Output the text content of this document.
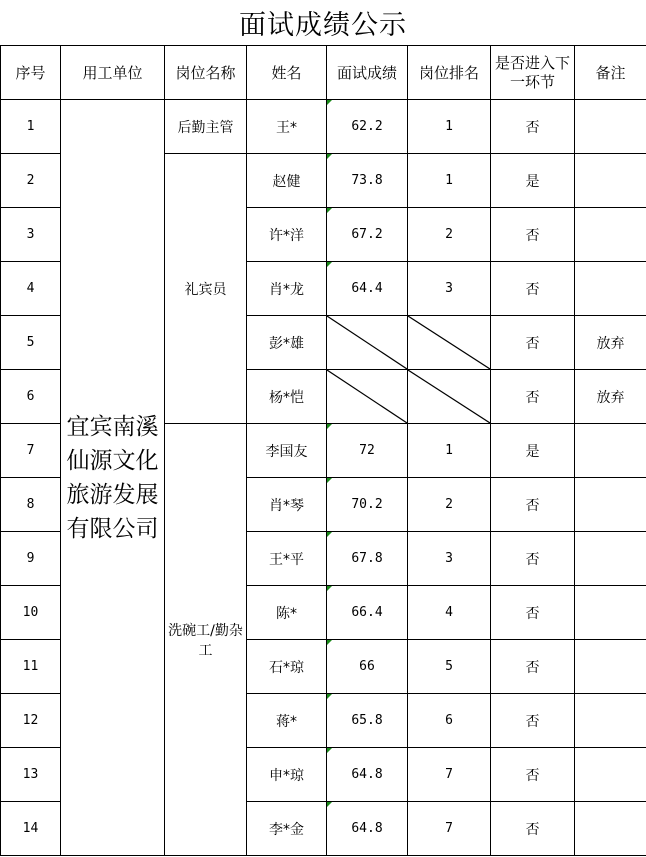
面试成绩公示
序号	用工单位	岗位名称	姓名	面试成绩	岗位排名	是否进入下一环节	备注
1	宜宾南溪仙源文化旅游发展有限公司	后勤主管	王*	62.2	1	否	
2		礼宾员	赵健	73.8	1	是	
3			许*洋	67.2	2	否	
4			肖*龙	64.4	3	否	
5			彭*雄			否	放弃
6			杨*恺			否	放弃
7		洗碗工/勤杂工	李国友	72	1	是	
8			肖*琴	70.2	2	否	
9			王*平	67.8	3	否	
10			陈*	66.4	4	否	
11			石*琼	66	5	否	
12			蒋*	65.8	6	否	
13			申*琼	64.8	7	否	
14			李*金	64.8	7	否	
